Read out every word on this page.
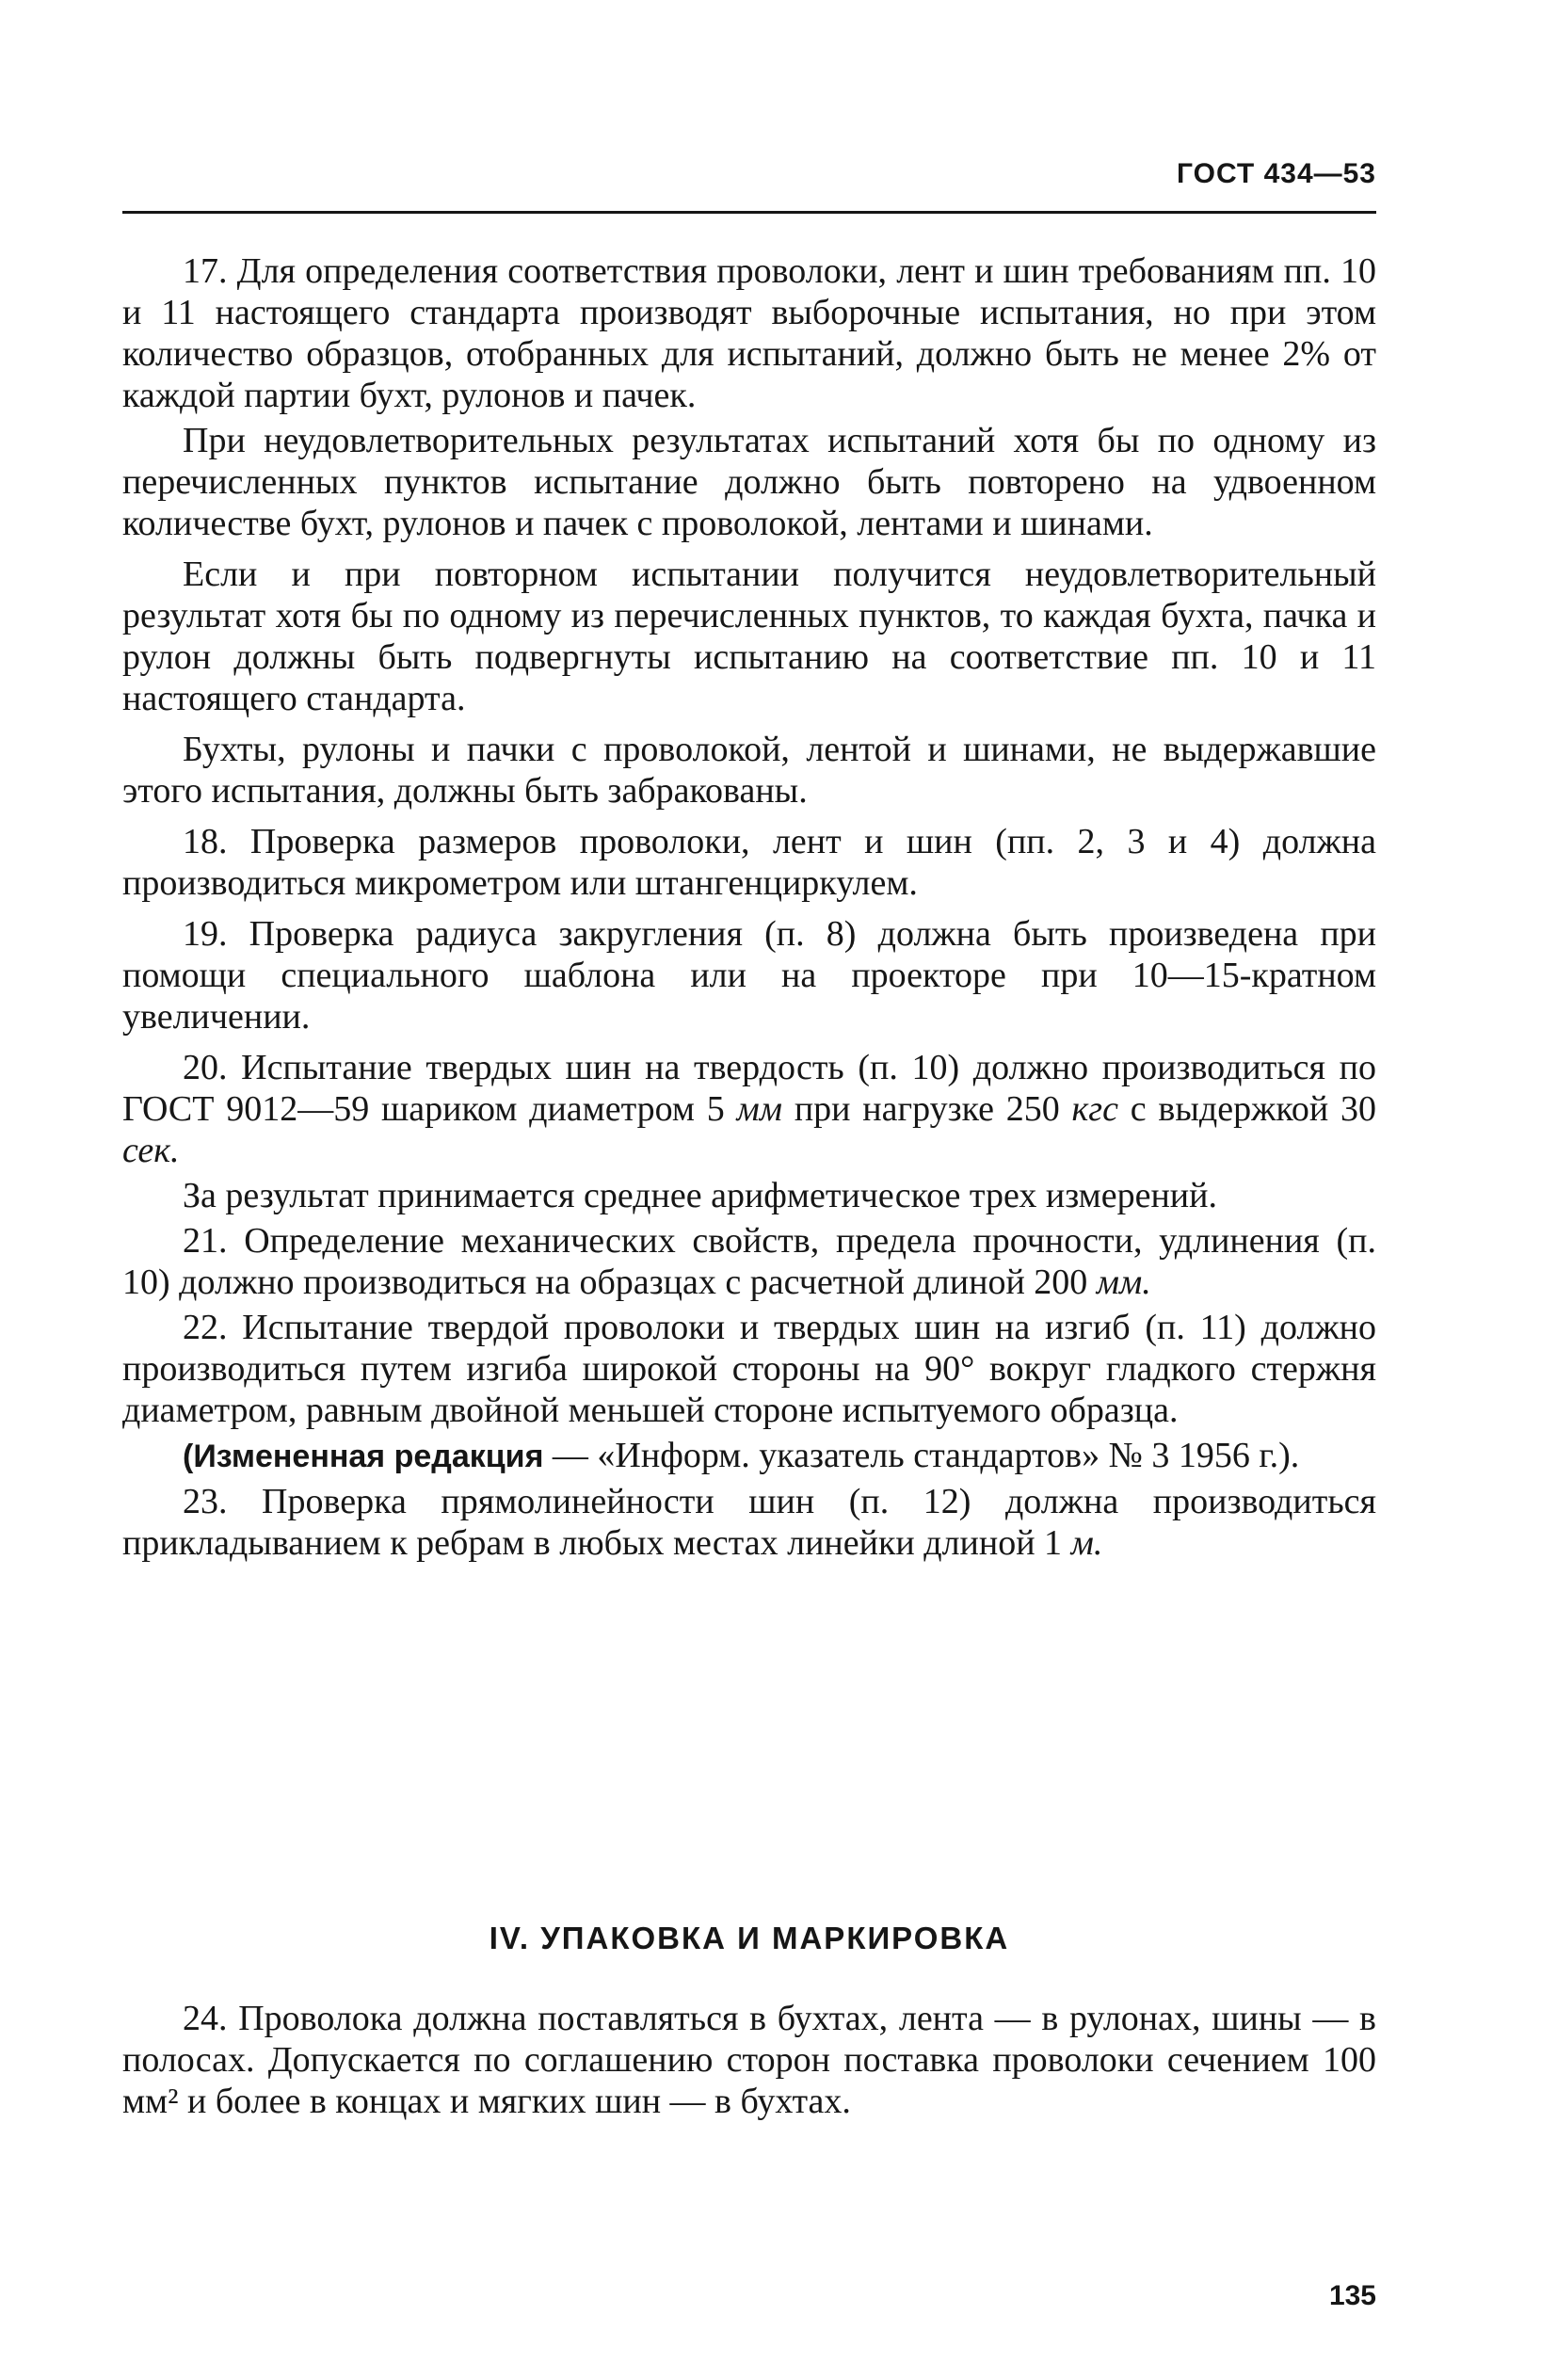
ГОСТ 434—53

17. Для определения соответствия проволоки, лент и шин требованиям пп. 10 и 11 настоящего стандарта производят выборочные испытания, но при этом количество образцов, отобранных для испытаний, должно быть не менее 2% от каждой партии бухт, рулонов и пачек.

При неудовлетворительных результатах испытаний хотя бы по одному из перечисленных пунктов испытание должно быть повторено на удвоенном количестве бухт, рулонов и пачек с проволокой, лентами и шинами.

Если и при повторном испытании получится неудовлетворительный результат хотя бы по одному из перечисленных пунктов, то каждая бухта, пачка и рулон должны быть подвергнуты испытанию на соответствие пп. 10 и 11 настоящего стандарта.

Бухты, рулоны и пачки с проволокой, лентой и шинами, не выдержавшие этого испытания, должны быть забракованы.

18. Проверка размеров проволоки, лент и шин (пп. 2, 3 и 4) должна производиться микрометром или штангенциркулем.

19. Проверка радиуса закругления (п. 8) должна быть произведена при помощи специального шаблона или на проекторе при 10—15-кратном увеличении.

20. Испытание твердых шин на твердость (п. 10) должно производиться по ГОСТ 9012—59 шариком диаметром 5 мм при нагрузке 250 кгс с выдержкой 30 сек.

За результат принимается среднее арифметическое трех измерений.

21. Определение механических свойств, предела прочности, удлинения (п. 10) должно производиться на образцах с расчетной длиной 200 мм.

22. Испытание твердой проволоки и твердых шин на изгиб (п. 11) должно производиться путем изгиба широкой стороны на 90° вокруг гладкого стержня диаметром, равным двойной меньшей стороне испытуемого образца.

(Измененная редакция — «Информ. указатель стандартов» № 3 1956 г.).

23. Проверка прямолинейности шин (п. 12) должна производиться прикладыванием к ребрам в любых местах линейки длиной 1 м.

IV. УПАКОВКА И МАРКИРОВКА

24. Проволока должна поставляться в бухтах, лента — в рулонах, шины — в полосах. Допускается по соглашению сторон поставка проволоки сечением 100 мм² и более в концах и мягких шин — в бухтах.

135
